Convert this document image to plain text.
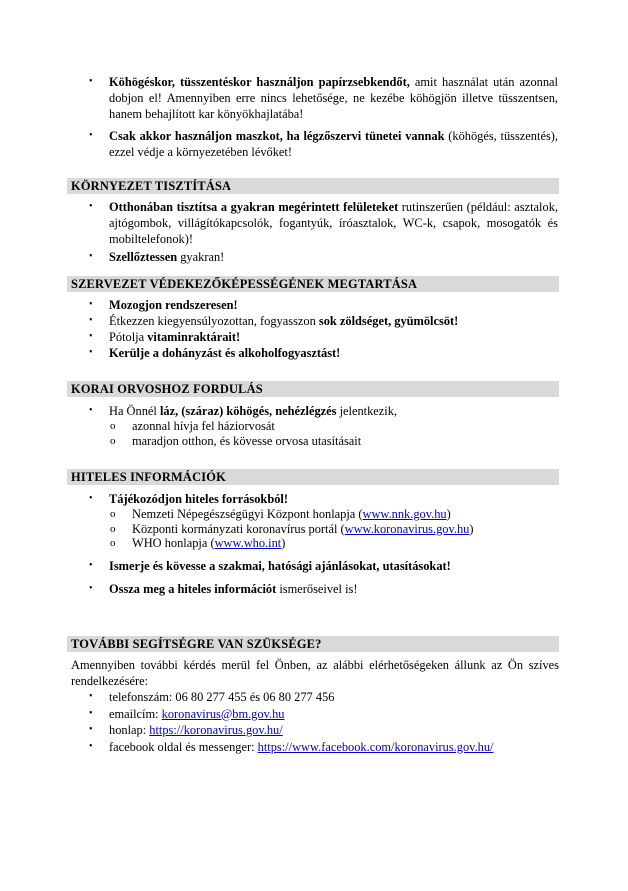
• Köhögéskor, tüsszentéskor használjon papírzsebkendőt, amit használat után azonnal dobjon el! Amennyiben erre nincs lehetősége, ne kezébe köhögjön illetve tüsszentsen, hanem behajlított kar könyökhajlatába!
• Csak akkor használjon maszkot, ha légzőszervi tünetei vannak (köhögés, tüsszentés), ezzel védje a környezetében lévőket!
KÖRNYEZET TISZTÍTÁSA
• Otthonában tisztítsa a gyakran megérintett felületeket rutinszerűen (például: asztalok, ajtógombok, villágítókapcsolók, fogantyúk, íróasztalok, WC-k, csapok, mosogatók és mobiltelefonok)!
• Szellőztessen gyakran!
SZERVEZET VÉDEKEZŐKÉPESSÉGÉNEK MEGTARTÁSA
• Mozogjon rendszeresen!
• Étkezzen kiegyensúlyozottan, fogyasszon sok zöldséget, gyümölcsöt!
• Pótolja vitaminraktárait!
• Kerülje a dohányzást és alkoholfogyasztást!
KORAI ORVOSHOZ FORDULÁS
• Ha Önnél láz, (száraz) köhögés, nehézlégzés jelentkezik,
o azonnal hívja fel háziorvosát
o maradjon otthon, és kövesse orvosa utasításait
HITELES INFORMÁCIÓK
• Tájékozódjon hiteles forrásokból!
o Nemzeti Népegészségügyi Központ honlapja (www.nnk.gov.hu)
o Központi kormányzati koronavírus portál (www.koronavirus.gov.hu)
o WHO honlapja (www.who.int)
• Ismerje és kövesse a szakmai, hatósági ajánlásokat, utasításokat!
• Ossza meg a hiteles információt ismerőseivel is!
TOVÁBBI SEGÍTSÉGRE VAN SZÜKSÉGE?
Amennyiben további kérdés merül fel Önben, az alábbi elérhetőségeken állunk az Ön szíves rendelkezésére:
• telefonszám: 06 80 277 455 és 06 80 277 456
• emailcím: koronavirus@bm.gov.hu
• honlap: https://koronavirus.gov.hu/
• facebook oldal és messenger: https://www.facebook.com/koronavirus.gov.hu/
